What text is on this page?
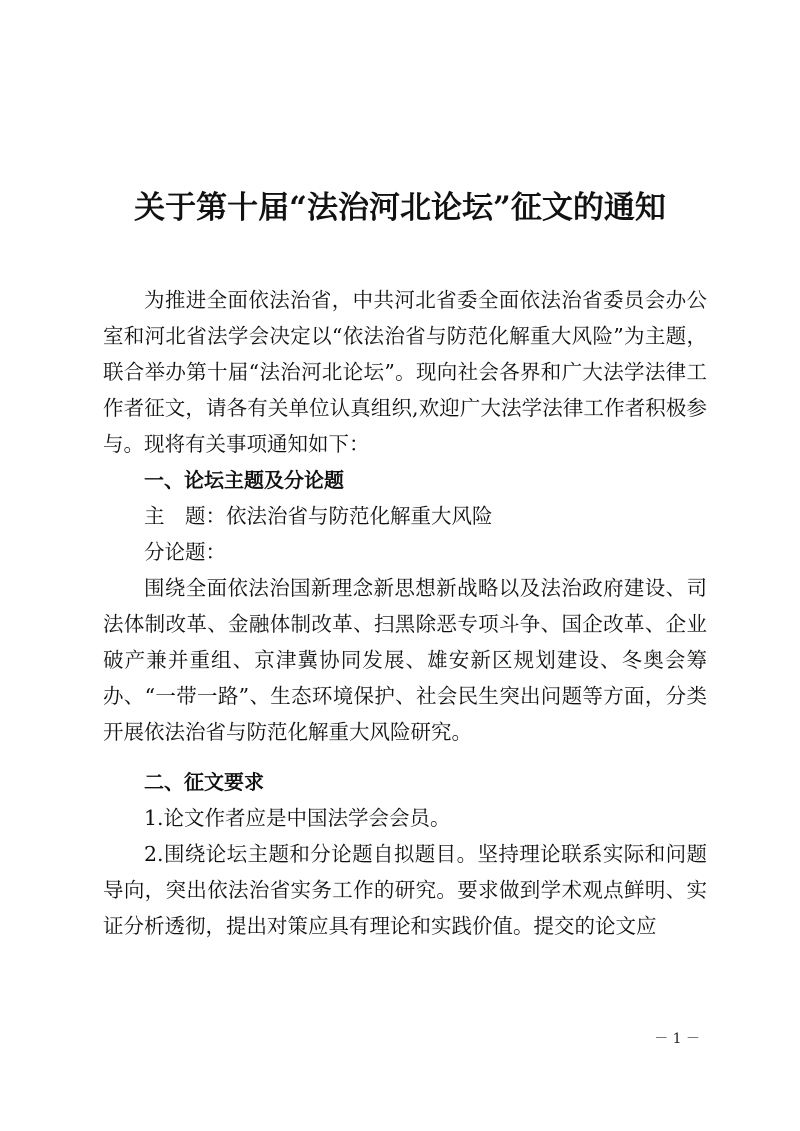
关于第十届“法治河北论坛”征文的通知

为推进全面依法治省，中共河北省委全面依法治省委员会办公室和河北省法学会决定以“依法治省与防范化解重大风险”为主题，联合举办第十届“法治河北论坛”。现向社会各界和广大法学法律工作者征文，请各有关单位认真组织,欢迎广大法学法律工作者积极参与。现将有关事项通知如下：

一、论坛主题及分论题

主　题：依法治省与防范化解重大风险

分论题：

围绕全面依法治国新理念新思想新战略以及法治政府建设、司法体制改革、金融体制改革、扫黑除恶专项斗争、国企改革、企业破产兼并重组、京津冀协同发展、雄安新区规划建设、冬奥会筹办、“一带一路”、生态环境保护、社会民生突出问题等方面，分类开展依法治省与防范化解重大风险研究。

二、征文要求

1.论文作者应是中国法学会会员。

2.围绕论坛主题和分论题自拟题目。坚持理论联系实际和问题导向，突出依法治省实务工作的研究。要求做到学术观点鲜明、实证分析透彻，提出对策应具有理论和实践价值。提交的论文应

－ 1 －
